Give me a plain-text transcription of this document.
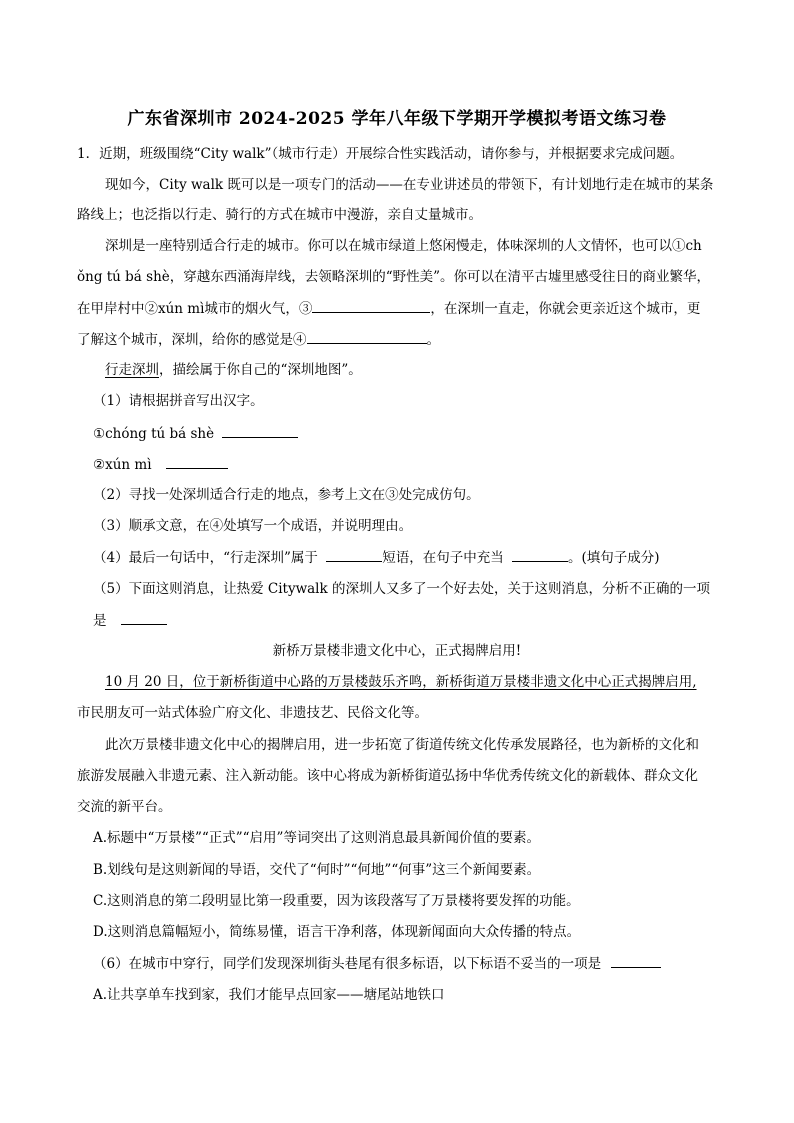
广东省深圳市 2024-2025 学年八年级下学期开学模拟考语文练习卷
1．近期，班级围绕“City walk”（城市行走）开展综合性实践活动，请你参与，并根据要求完成问题。
现如今，City walk 既可以是一项专门的活动——在专业讲述员的带领下，有计划地行走在城市的某条
路线上；也泛指以行走、骑行的方式在城市中漫游，亲自丈量城市。
深圳是一座特别适合行走的城市。你可以在城市绿道上悠闲慢走，体味深圳的人文情怀，也可以①ch
ǒng tú bá shè，穿越东西涌海岸线，去领略深圳的“野性美”。你可以在清平古墟里感受往日的商业繁华，
在甲岸村中②xún mì城市的烟火气，③	，在深圳一直走，你就会更亲近这个城市，更
了解这个城市，深圳，给你的感觉是④	。
行走深圳，描绘属于你自己的“深圳地图”。
（1）请根据拼音写出汉字。
①chóng tú bá shè
②xún mì
（2）寻找一处深圳适合行走的地点，参考上文在③处完成仿句。
（3）顺承文意，在④处填写一个成语，并说明理由。
（4）最后一句话中，“行走深圳”属于	短语，在句子中充当	。(填句子成分)
（5）下面这则消息，让热爱 Citywalk 的深圳人又多了一个好去处，关于这则消息，分析不正确的一项
是
新桥万景楼非遗文化中心，正式揭牌启用!
10 月 20 日，位于新桥街道中心路的万景楼鼓乐齐鸣，新桥街道万景楼非遗文化中心正式揭牌启用,
市民朋友可一站式体验广府文化、非遗技艺、民俗文化等。
此次万景楼非遗文化中心的揭牌启用，进一步拓宽了街道传统文化传承发展路径，也为新桥的文化和
旅游发展融入非遗元素、注入新动能。该中心将成为新桥街道弘扬中华优秀传统文化的新载体、群众文化
交流的新平台。
A.标题中“万景楼”“正式”“启用”等词突出了这则消息最具新闻价值的要素。
B.划线句是这则新闻的导语，交代了“何时”“何地”“何事”这三个新闻要素。
C.这则消息的第二段明显比第一段重要，因为该段落写了万景楼将要发挥的功能。
D.这则消息篇幅短小，简练易懂，语言干净利落，体现新闻面向大众传播的特点。
（6）在城市中穿行，同学们发现深圳街头巷尾有很多标语，以下标语不妥当的一项是
A.让共享单车找到家，我们才能早点回家——塘尾站地铁口
